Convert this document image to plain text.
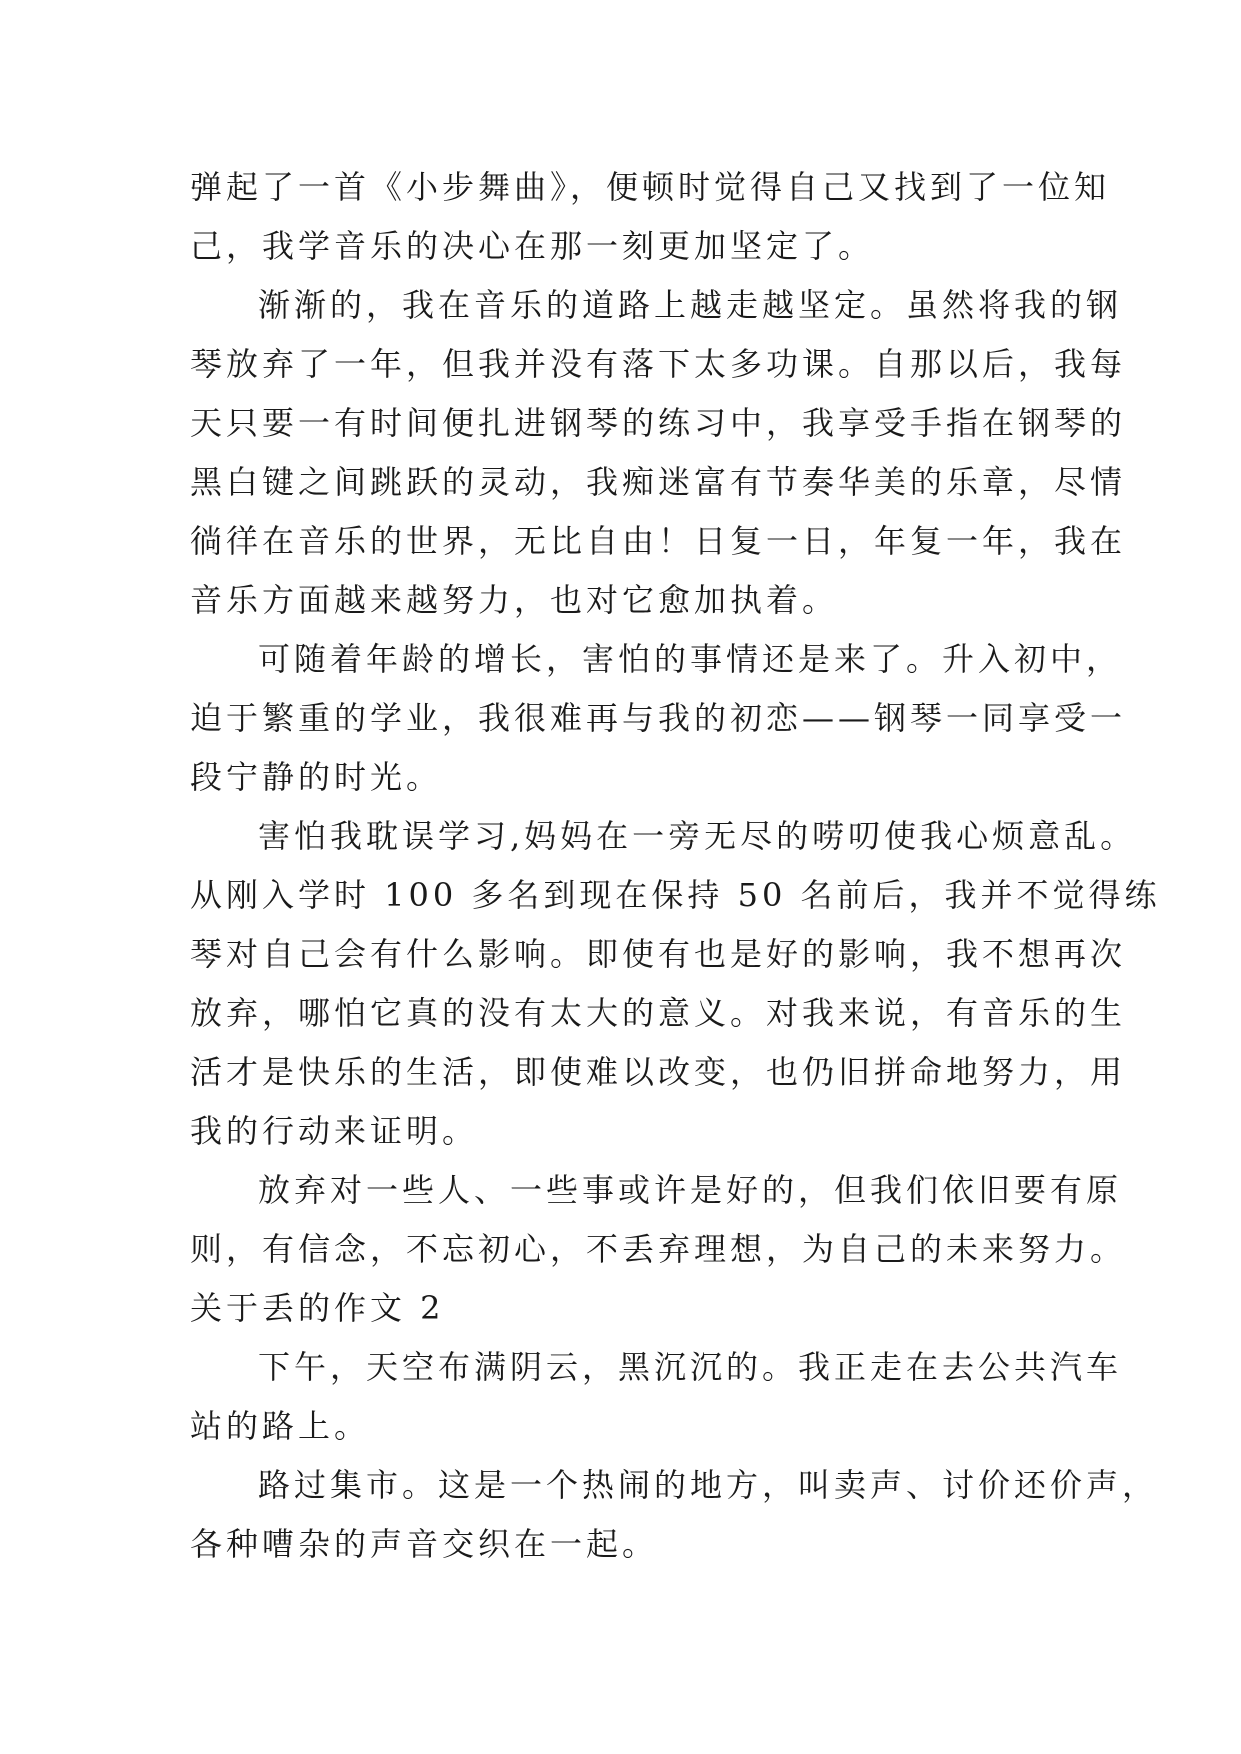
弹起了一首《小步舞曲》，便顿时觉得自己又找到了一位知
己，我学音乐的决心在那一刻更加坚定了。
渐渐的，我在音乐的道路上越走越坚定。虽然将我的钢
琴放弃了一年，但我并没有落下太多功课。自那以后，我每
天只要一有时间便扎进钢琴的练习中，我享受手指在钢琴的
黑白键之间跳跃的灵动，我痴迷富有节奏华美的乐章，尽情
徜徉在音乐的世界，无比自由！日复一日，年复一年，我在
音乐方面越来越努力，也对它愈加执着。
可随着年龄的增长，害怕的事情还是来了。升入初中，
迫于繁重的学业，我很难再与我的初恋——钢琴一同享受一
段宁静的时光。
害怕我耽误学习,妈妈在一旁无尽的唠叨使我心烦意乱。
从刚入学时 100 多名到现在保持 50 名前后，我并不觉得练
琴对自己会有什么影响。即使有也是好的影响，我不想再次
放弃，哪怕它真的没有太大的意义。对我来说，有音乐的生
活才是快乐的生活，即使难以改变，也仍旧拼命地努力，用
我的行动来证明。
放弃对一些人、一些事或许是好的，但我们依旧要有原
则，有信念，不忘初心，不丢弃理想，为自己的未来努力。
关于丢的作文 2
下午，天空布满阴云，黑沉沉的。我正走在去公共汽车
站的路上。
路过集市。这是一个热闹的地方，叫卖声、讨价还价声，
各种嘈杂的声音交织在一起。
